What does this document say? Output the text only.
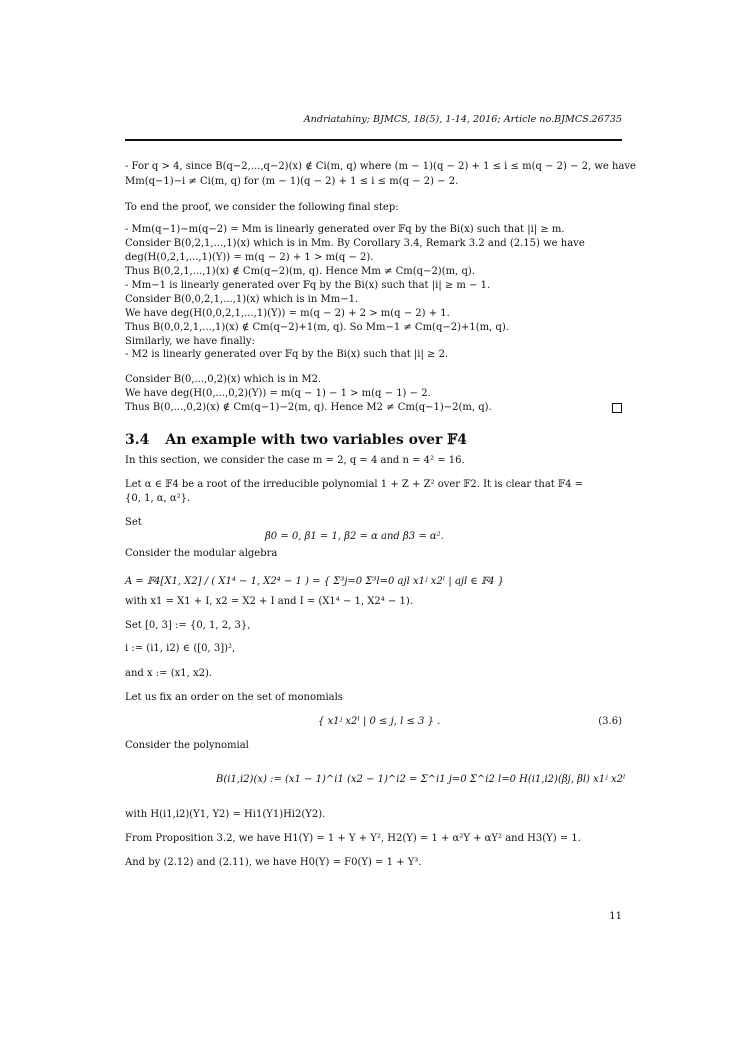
Andriatahiny; BJMCS, 18(5), 1-14, 2016; Article no.BJMCS.26735
- For q > 4, since B(q−2,...,q−2)(x) ∉ Ci(m, q) where (m − 1)(q − 2) + 1 ≤ i ≤ m(q − 2) − 2, we have
Mm(q−1)−i ≠ Ci(m, q) for (m − 1)(q − 2) + 1 ≤ i ≤ m(q − 2) − 2.
To end the proof, we consider the following final step:
- Mm(q−1)−m(q−2) = Mm is linearly generated over 𝔽q by the Bi(x) such that |i| ≥ m.
Consider B(0,2,1,...,1)(x) which is in Mm. By Corollary 3.4, Remark 3.2 and (2.15) we have
deg(H(0,2,1,...,1)(Y)) = m(q − 2) + 1 > m(q − 2).
Thus B(0,2,1,...,1)(x) ∉ Cm(q−2)(m, q). Hence Mm ≠ Cm(q−2)(m, q).
- Mm−1 is linearly generated over 𝔽q by the Bi(x) such that |i| ≥ m − 1.
Consider B(0,0,2,1,...,1)(x) which is in Mm−1.
We have deg(H(0,0,2,1,...,1)(Y)) = m(q − 2) + 2 > m(q − 2) + 1.
Thus B(0,0,2,1,...,1)(x) ∉ Cm(q−2)+1(m, q). So Mm−1 ≠ Cm(q−2)+1(m, q).
Similarly, we have finally:
- M2 is linearly generated over 𝔽q by the Bi(x) such that |i| ≥ 2.
Consider B(0,...,0,2)(x) which is in M2.
We have deg(H(0,...,0,2)(Y)) = m(q − 1) − 1 > m(q − 1) − 2.
Thus B(0,...,0,2)(x) ∉ Cm(q−1)−2(m, q). Hence M2 ≠ Cm(q−1)−2(m, q).
3.4 An example with two variables over 𝔽4
In this section, we consider the case m = 2, q = 4 and n = 4² = 16.
Let α ∈ 𝔽4 be a root of the irreducible polynomial 1 + Z + Z² over 𝔽2. It is clear that 𝔽4 =
{0, 1, α, α²}.
Set
β0 = 0, β1 = 1, β2 = α and β3 = α².
Consider the modular algebra
A = 𝔽4[X1, X2] / ( X1⁴ − 1, X2⁴ − 1 ) = { Σ³j=0 Σ³l=0 ajl x1ʲ x2ˡ | ajl ∈ 𝔽4 }
with x1 = X1 + I, x2 = X2 + I and I = (X1⁴ − 1, X2⁴ − 1).
Set [0, 3] := {0, 1, 2, 3},
i := (i1, i2) ∈ ([0, 3])²,
and x := (x1, x2).
Let us fix an order on the set of monomials
{ x1ʲ x2ˡ | 0 ≤ j, l ≤ 3 } .	(3.6)
Consider the polynomial
B(i1,i2)(x) := (x1 − 1)^i1 (x2 − 1)^i2 = Σ^i1 j=0 Σ^i2 l=0 H(i1,i2)(βj, βl) x1ʲ x2ˡ
with H(i1,i2)(Y1, Y2) = Hi1(Y1)Hi2(Y2).
From Proposition 3.2, we have H1(Y) = 1 + Y + Y², H2(Y) = 1 + α²Y + αY² and H3(Y) = 1.
And by (2.12) and (2.11), we have H0(Y) = F0(Y) = 1 + Y³.
11
